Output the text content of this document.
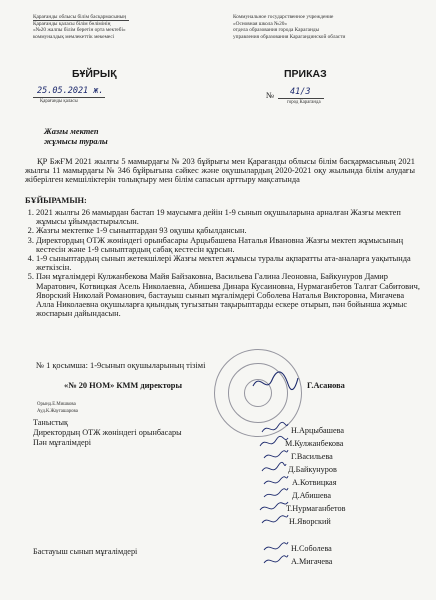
Қарағанды облысы білім басқармасының
Қарағанды қаласы білім бөлімінің
«№20 жалпы білім беретін орта мектебі»
коммуналдық мемлекеттік мекемесі
Коммунальное государственное учреждение
«Основная школа №20»
отдела образования города Караганды
управления образования Карагандинской области
БҰЙРЫҚ	ПРИКАЗ
25.05.2021 ж.
Қарағанды қаласы
№ 41/3
город Караганда
Жазғы мектеп
жұмысы туралы
ҚР БжҒМ 2021 жылғы 5 мамырдағы № 203 бұйрығы мен Қарағанды облысы білім басқармасының 2021 жылғы 11 мамырдағы № 346 бұйрығына сәйкес және оқушылардың 2020-2021 оқу жылында білім алудағы жіберілген кемшіліктерін толықтыру мен білім сапасын арттыру мақсатында
БҰЙЫРАМЫН:
1. 2021 жылғы 26 мамырдан бастап 19 маусымға дейін 1-9 сынып оқушыларына арналған Жазғы мектеп жұмысы ұйымдастырылсын.
2. Жазғы мектепке 1-9 сыныптардан 93 оқушы қабылдансын.
3. Директордың ОТЖ жөніндегі орынбасары Арцыбашева Наталья Ивановна Жазғы мектеп жұмысының кестесін және 1-9 сыныптардың сабақ кестесін құрсын.
4. 1-9 сыныптардың сынып жетекшілері Жазғы мектеп жұмысы туралы ақпаратты ата-аналарға уақытында жеткізсін.
5. Пән мұғалімдері Кулжанбекова Майя Байзаковна, Васильева Галина Леоновна, Байкунуров Дамир Маратович, Котвицкая Асель Николаевна, Абишева Динара Кусаиновна, Нурмаганбетов Талгат Сабитович, Яворский Николай Романович, бастауыш сынып мұғалімдері Соболева Наталья Викторовна, Мигачева Алла Николаевна оқушыларға қиындық туғызатын тақырыптарды ескере отырып, пән бойынша жұмыс жоспарын дайындасын.
№ 1 қосымша: 1-9сынып оқушыларының тізімі
«№ 20 НОМ» КММ директоры	Г.Асанова
Орынд.Е.Мишкова
Ауд.К.Жаугашарова
Таныстық
Директордың ОТЖ жөніндегі орынбасары
Пән мұғалімдері
Бастауыш сынып мұғалімдері
Н.Арцыбашева
М.Кулжанбекова
Г.Васильева
Д.Байкунуров
А.Котвицкая
Д.Абишева
Т.Нурмаганбетов
Н.Яворский
Н.Соболева
А.Мигачева
